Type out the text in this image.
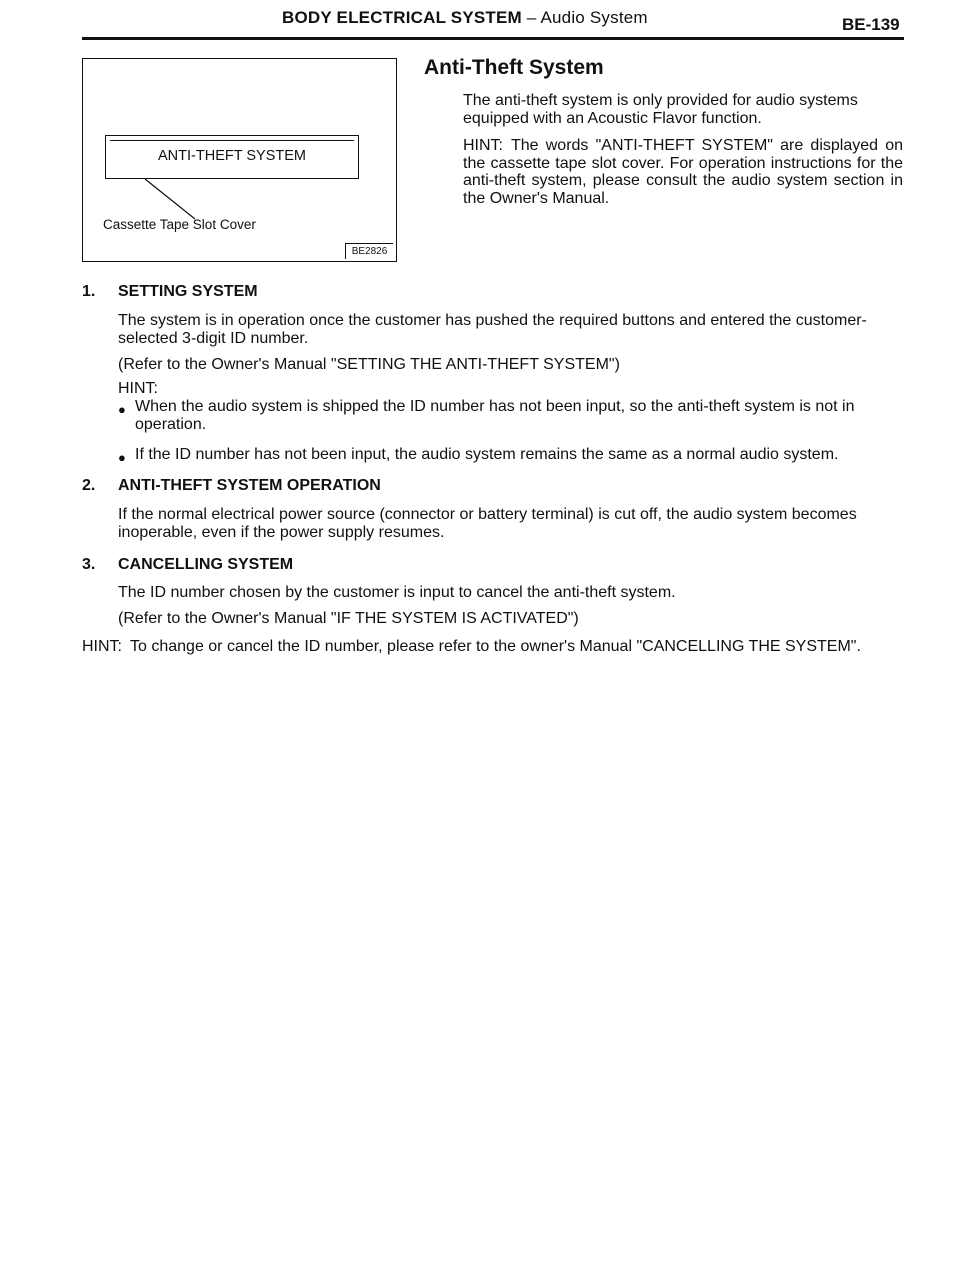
BODY ELECTRICAL SYSTEM – Audio System	BE-139
ANTI-THEFT SYSTEM
Cassette Tape Slot Cover
BE2826
Anti-Theft System
The anti-theft system is only provided for audio systems equipped with an Acoustic Flavor function.
HINT: The words "ANTI-THEFT SYSTEM" are displayed on the cassette tape slot cover. For operation instructions for the anti-theft system, please consult the audio system section in the Owner's Manual.
1. SETTING SYSTEM
The system is in operation once the customer has pushed the required buttons and entered the customer-selected 3-digit ID number.
(Refer to the Owner's Manual "SETTING THE ANTI-THEFT SYSTEM")
HINT:
● When the audio system is shipped the ID number has not been input, so the anti-theft system is not in operation.
● If the ID number has not been input, the audio system remains the same as a normal audio system.
2. ANTI-THEFT SYSTEM OPERATION
If the normal electrical power source (connector or battery terminal) is cut off, the audio system becomes inoperable, even if the power supply resumes.
3. CANCELLING SYSTEM
The ID number chosen by the customer is input to cancel the anti-theft system.
(Refer to the Owner's Manual "IF THE SYSTEM IS ACTIVATED")
HINT: To change or cancel the ID number, please refer to the owner's Manual "CANCELLING THE SYSTEM".
